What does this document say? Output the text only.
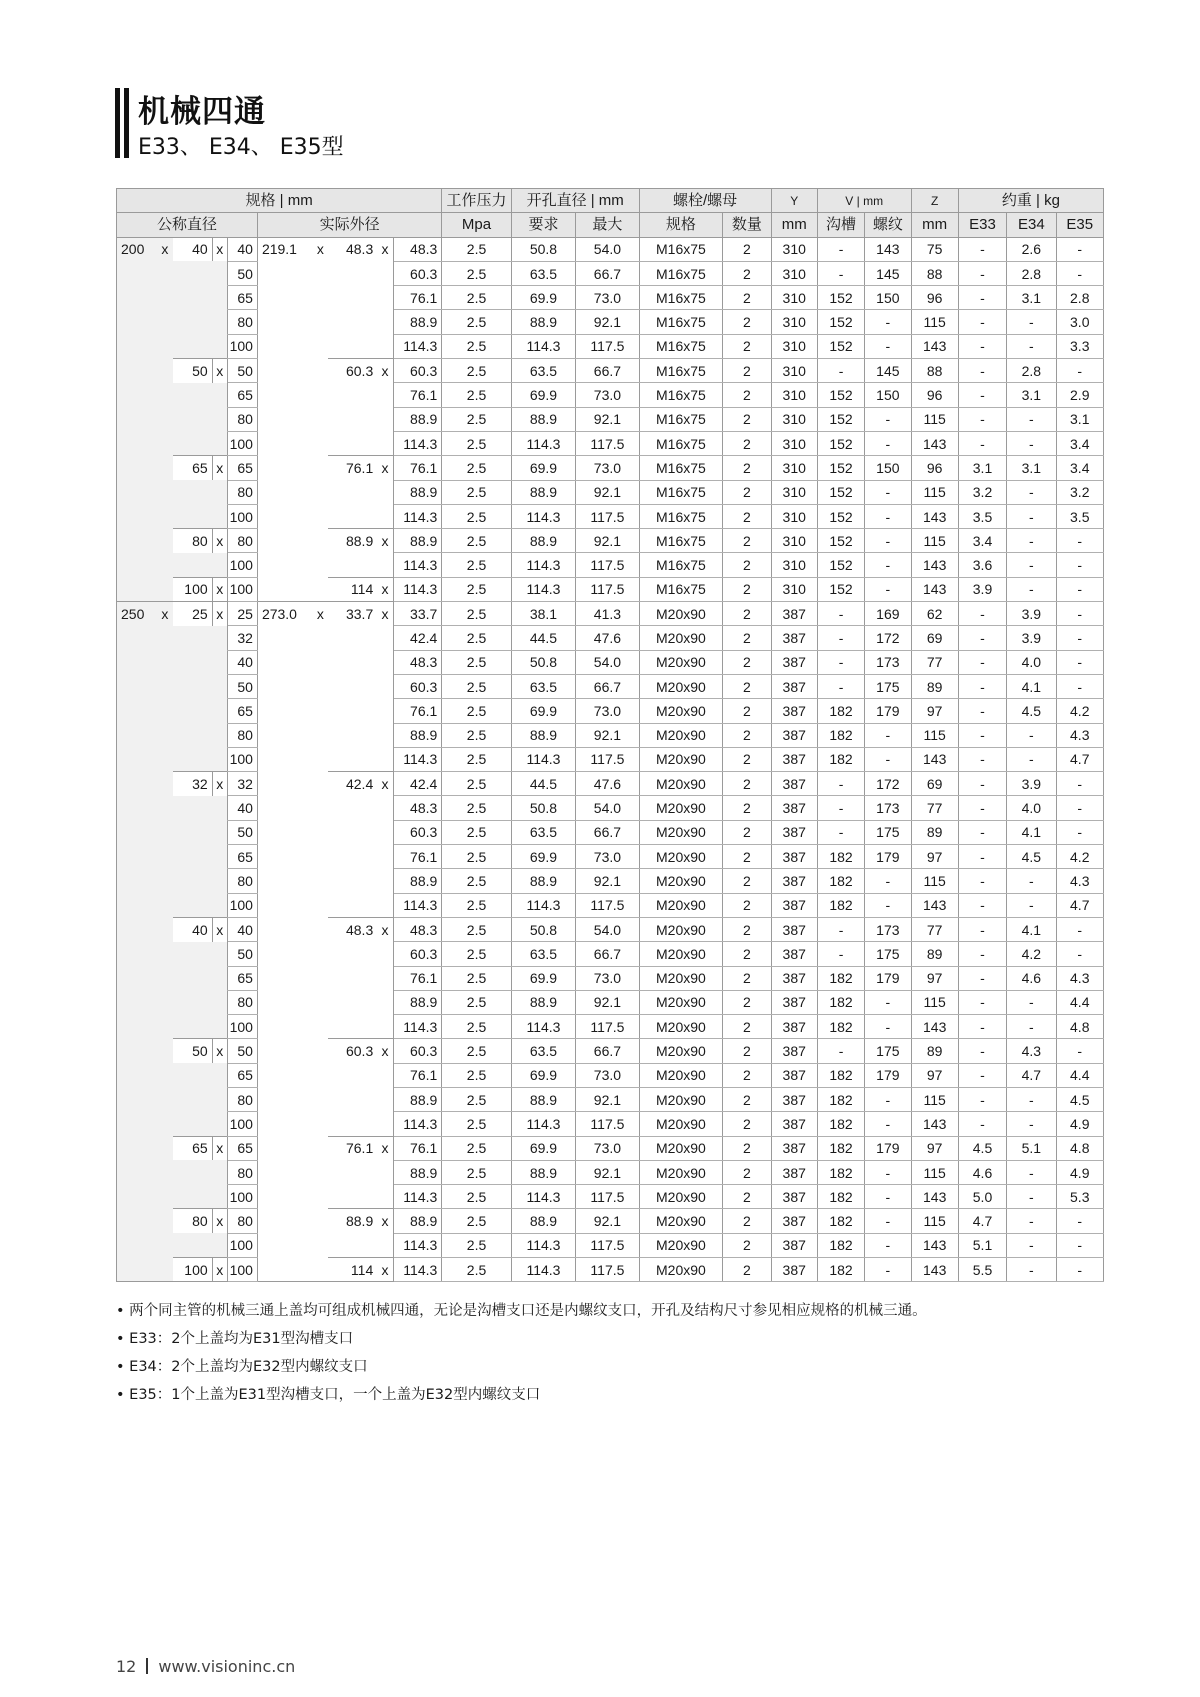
机械四通
E33、 E34、 E35型
规格 | mm										工作压力	开孔直径 | mm		螺栓/螺母		Y	V | mm		Z	约重 | kg		
公称直径					实际外径					Mpa	要求	最大	规格	数量	mm	沟槽	螺纹	mm	E33	E34	E35
200	x	40	x	40	219.1	x	48.3	x	48.3	2.5	50.8	54.0	M16x75	2	310	-	143	75	-	2.6	-
				50					60.3	2.5	63.5	66.7	M16x75	2	310	-	145	88	-	2.8	-
				65					76.1	2.5	69.9	73.0	M16x75	2	310	152	150	96	-	3.1	2.8
				80					88.9	2.5	88.9	92.1	M16x75	2	310	152	-	115	-	-	3.0
				100					114.3	2.5	114.3	117.5	M16x75	2	310	152	-	143	-	-	3.3
		50	x	50			60.3	x	60.3	2.5	63.5	66.7	M16x75	2	310	-	145	88	-	2.8	-
				65					76.1	2.5	69.9	73.0	M16x75	2	310	152	150	96	-	3.1	2.9
				80					88.9	2.5	88.9	92.1	M16x75	2	310	152	-	115	-	-	3.1
				100					114.3	2.5	114.3	117.5	M16x75	2	310	152	-	143	-	-	3.4
		65	x	65			76.1	x	76.1	2.5	69.9	73.0	M16x75	2	310	152	150	96	3.1	3.1	3.4
				80					88.9	2.5	88.9	92.1	M16x75	2	310	152	-	115	3.2	-	3.2
				100					114.3	2.5	114.3	117.5	M16x75	2	310	152	-	143	3.5	-	3.5
		80	x	80			88.9	x	88.9	2.5	88.9	92.1	M16x75	2	310	152	-	115	3.4	-	-
				100					114.3	2.5	114.3	117.5	M16x75	2	310	152	-	143	3.6	-	-
		100	x	100			114	x	114.3	2.5	114.3	117.5	M16x75	2	310	152	-	143	3.9	-	-
250	x	25	x	25	273.0	x	33.7	x	33.7	2.5	38.1	41.3	M20x90	2	387	-	169	62	-	3.9	-
				32					42.4	2.5	44.5	47.6	M20x90	2	387	-	172	69	-	3.9	-
				40					48.3	2.5	50.8	54.0	M20x90	2	387	-	173	77	-	4.0	-
				50					60.3	2.5	63.5	66.7	M20x90	2	387	-	175	89	-	4.1	-
				65					76.1	2.5	69.9	73.0	M20x90	2	387	182	179	97	-	4.5	4.2
				80					88.9	2.5	88.9	92.1	M20x90	2	387	182	-	115	-	-	4.3
				100					114.3	2.5	114.3	117.5	M20x90	2	387	182	-	143	-	-	4.7
		32	x	32			42.4	x	42.4	2.5	44.5	47.6	M20x90	2	387	-	172	69	-	3.9	-
				40					48.3	2.5	50.8	54.0	M20x90	2	387	-	173	77	-	4.0	-
				50					60.3	2.5	63.5	66.7	M20x90	2	387	-	175	89	-	4.1	-
				65					76.1	2.5	69.9	73.0	M20x90	2	387	182	179	97	-	4.5	4.2
				80					88.9	2.5	88.9	92.1	M20x90	2	387	182	-	115	-	-	4.3
				100					114.3	2.5	114.3	117.5	M20x90	2	387	182	-	143	-	-	4.7
		40	x	40			48.3	x	48.3	2.5	50.8	54.0	M20x90	2	387	-	173	77	-	4.1	-
				50					60.3	2.5	63.5	66.7	M20x90	2	387	-	175	89	-	4.2	-
				65					76.1	2.5	69.9	73.0	M20x90	2	387	182	179	97	-	4.6	4.3
				80					88.9	2.5	88.9	92.1	M20x90	2	387	182	-	115	-	-	4.4
				100					114.3	2.5	114.3	117.5	M20x90	2	387	182	-	143	-	-	4.8
		50	x	50			60.3	x	60.3	2.5	63.5	66.7	M20x90	2	387	-	175	89	-	4.3	-
				65					76.1	2.5	69.9	73.0	M20x90	2	387	182	179	97	-	4.7	4.4
				80					88.9	2.5	88.9	92.1	M20x90	2	387	182	-	115	-	-	4.5
				100					114.3	2.5	114.3	117.5	M20x90	2	387	182	-	143	-	-	4.9
		65	x	65			76.1	x	76.1	2.5	69.9	73.0	M20x90	2	387	182	179	97	4.5	5.1	4.8
				80					88.9	2.5	88.9	92.1	M20x90	2	387	182	-	115	4.6	-	4.9
				100					114.3	2.5	114.3	117.5	M20x90	2	387	182	-	143	5.0	-	5.3
		80	x	80			88.9	x	88.9	2.5	88.9	92.1	M20x90	2	387	182	-	115	4.7	-	-
				100					114.3	2.5	114.3	117.5	M20x90	2	387	182	-	143	5.1	-	-
		100	x	100			114	x	114.3	2.5	114.3	117.5	M20x90	2	387	182	-	143	5.5	-	-
• 两个同主管的机械三通上盖均可组成机械四通，无论是沟槽支口还是内螺纹支口，开孔及结构尺寸参见相应规格的机械三通。
• E33：2个上盖均为E31型沟槽支口
• E34：2个上盖均为E32型内螺纹支口
• E35：1个上盖为E31型沟槽支口，一个上盖为E32型内螺纹支口
12 www.visioninc.cn
